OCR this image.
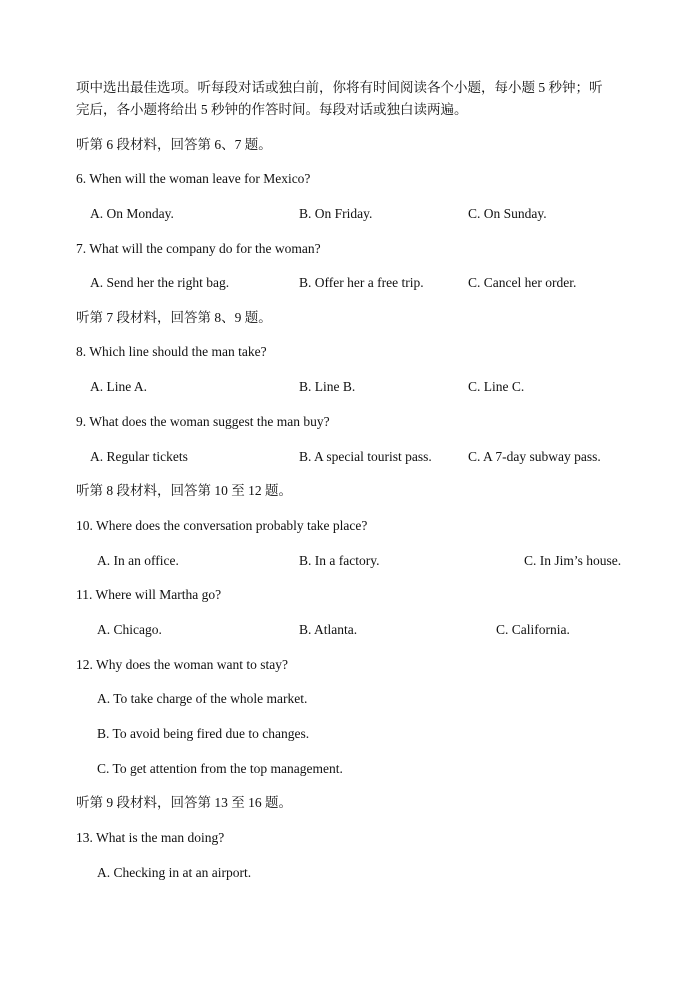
项中选出最佳选项。听每段对话或独白前，你将有时间阅读各个小题，每小题 5 秒钟；听
完后，各小题将给出 5 秒钟的作答时间。每段对话或独白读两遍。
听第 6 段材料，回答第 6、7 题。
6. When will the woman leave for Mexico?
A. On Monday.	B. On Friday.	C. On Sunday.
7. What will the company do for the woman?
A. Send her the right bag.	B. Offer her a free trip.	C. Cancel her order.
听第 7 段材料，回答第 8、9 题。
8. Which line should the man take?
A. Line A.	B. Line B.	C. Line C.
9. What does the woman suggest the man buy?
A. Regular tickets	B. A special tourist pass.	C. A 7-day subway pass.
听第 8 段材料，回答第 10 至 12 题。
10. Where does the conversation probably take place?
A. In an office.	B. In a factory.	C. In Jim’s house.
11. Where will Martha go?
A. Chicago.	B. Atlanta.	C. California.
12. Why does the woman want to stay?
A. To take charge of the whole market.
B. To avoid being fired due to changes.
C. To get attention from the top management.
听第 9 段材料，回答第 13 至 16 题。
13. What is the man doing?
A. Checking in at an airport.
